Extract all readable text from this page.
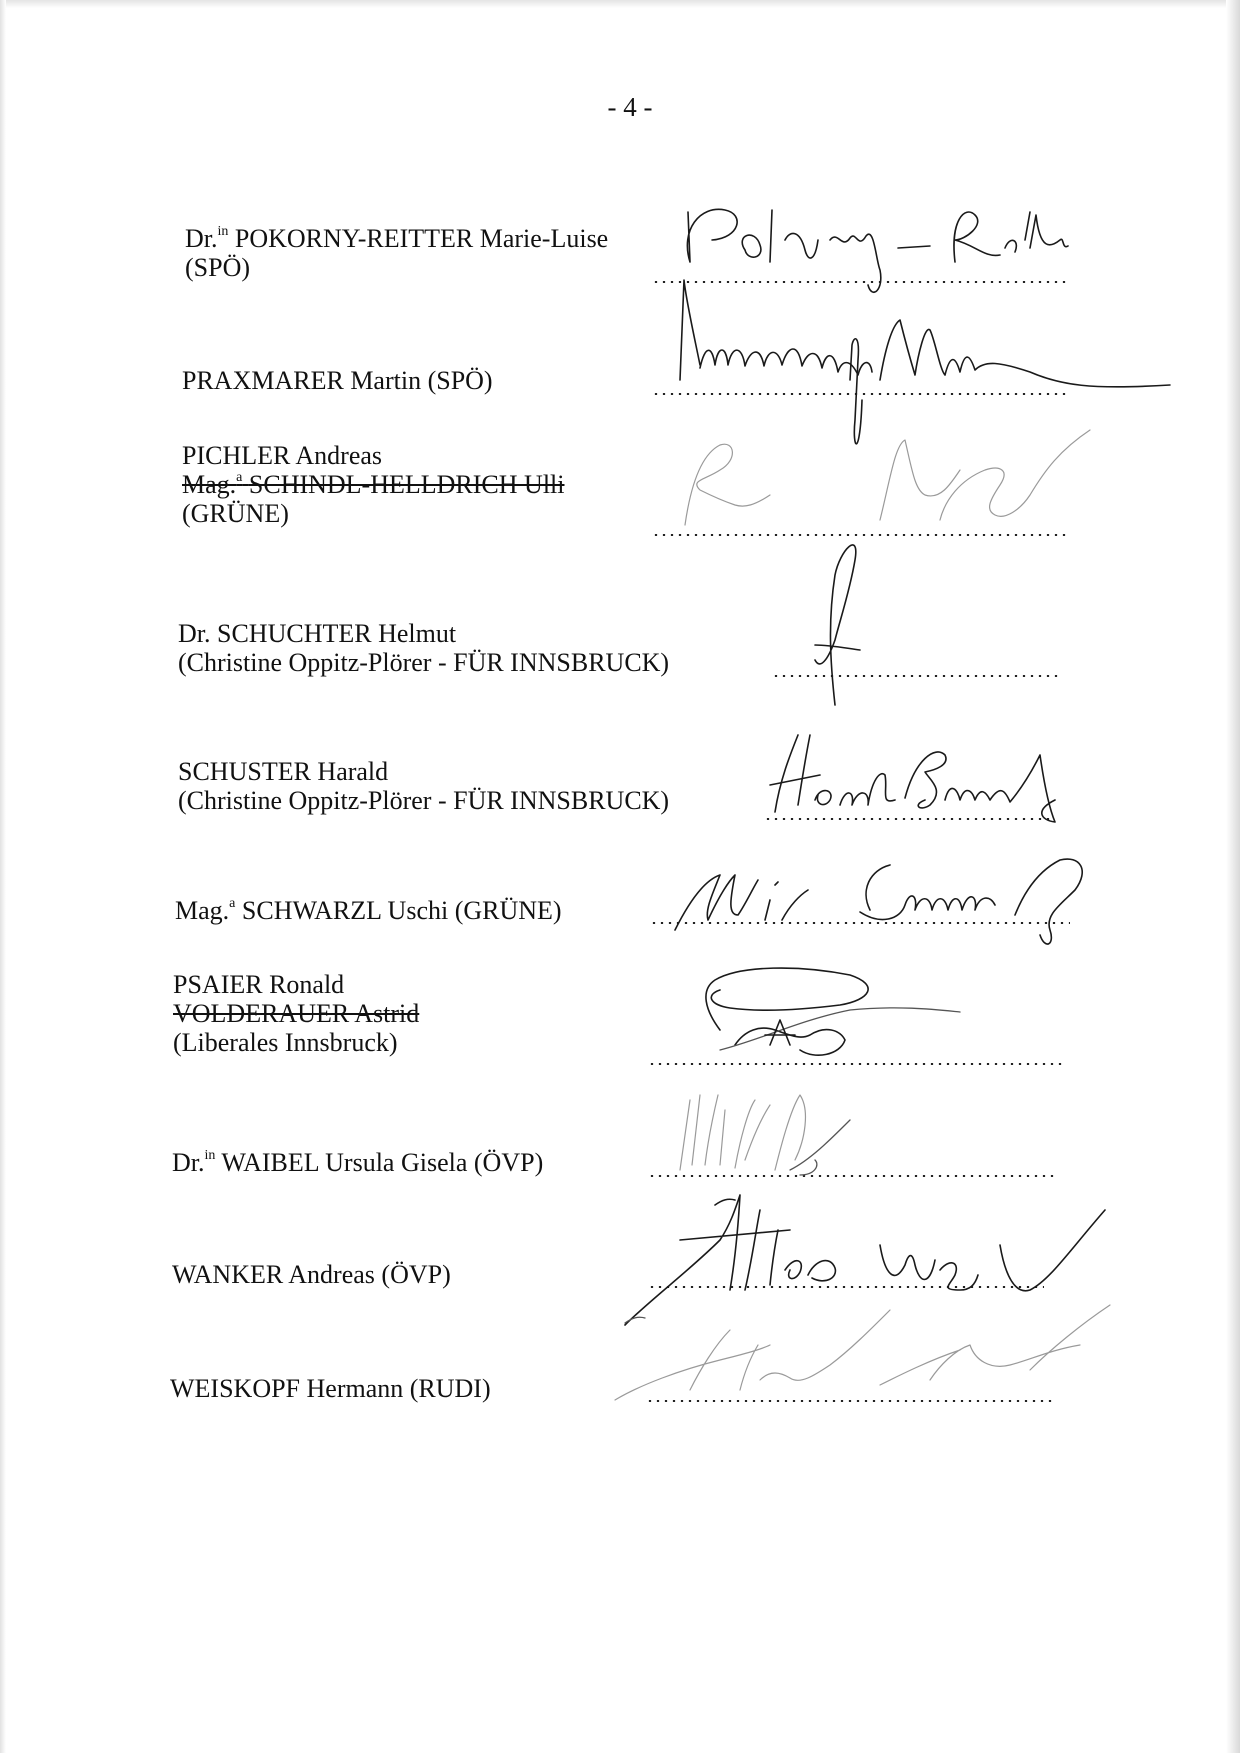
- 4 -
Dr.$^{in}$ POKORNY-REITTER Marie-Luise
(SPÖ)
PRAXMARER Martin (SPÖ)
PICHLER Andreas
Mag.$^a$ SCHINDL-HELLDRICH Ulli
(GRÜNE)
Dr. SCHUCHTER Helmut
(Christine Oppitz-Plörer - FÜR INNSBRUCK)
SCHUSTER Harald
(Christine Oppitz-Plörer - FÜR INNSBRUCK)
Mag.$^a$ SCHWARZL Uschi (GRÜNE)
PSAIER Ronald
VOLDERAUER Astrid
(Liberales Innsbruck)
Dr.$^{in}$ WAIBEL Ursula Gisela (ÖVP)
WANKER Andreas (ÖVP)
WEISKOPF Hermann (RUDI)
